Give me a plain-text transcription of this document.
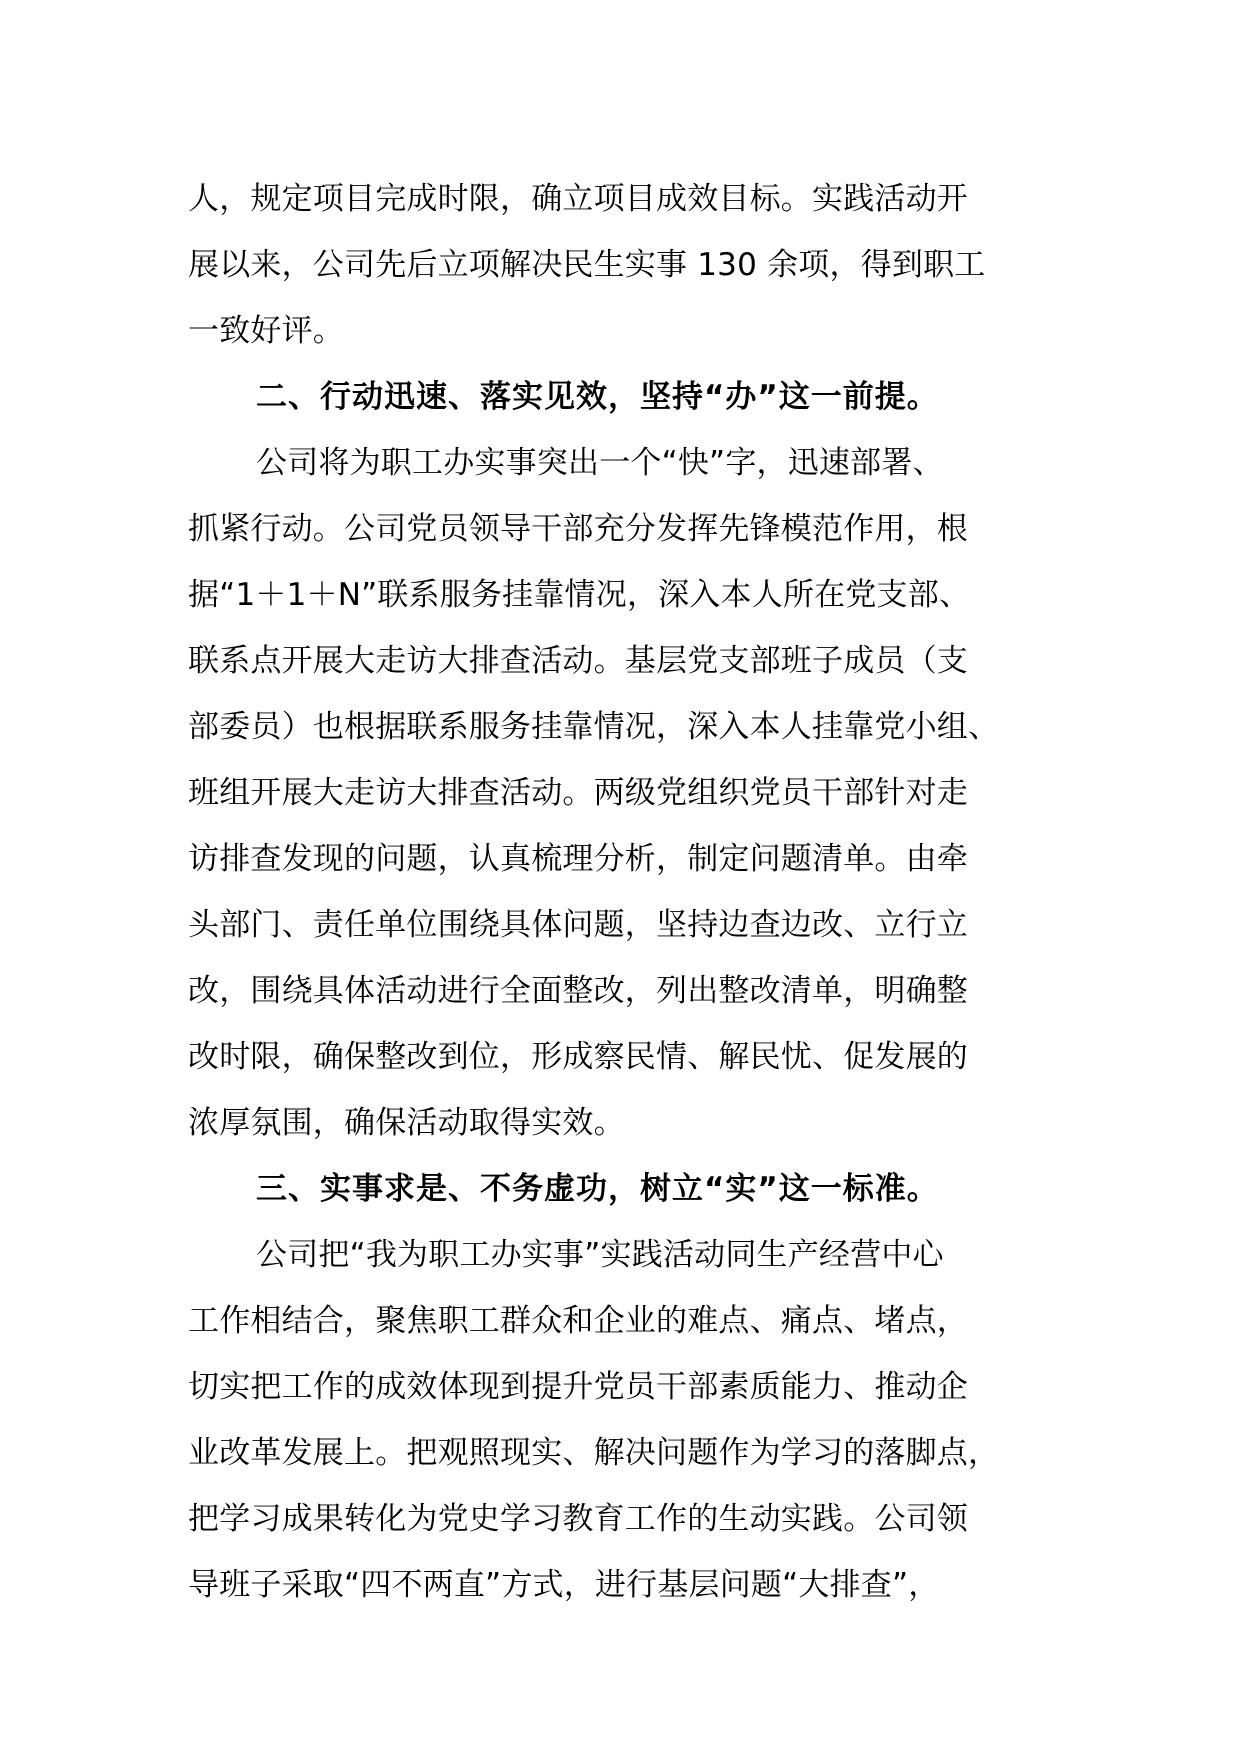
人，规定项目完成时限，确立项目成效目标。实践活动开
展以来，公司先后立项解决民生实事 130 余项，得到职工
一致好评。
二、行动迅速、落实见效，坚持“办”这一前提。
公司将为职工办实事突出一个“快”字，迅速部署、
抓紧行动。公司党员领导干部充分发挥先锋模范作用，根
据“1＋1＋N”联系服务挂靠情况，深入本人所在党支部、
联系点开展大走访大排查活动。基层党支部班子成员（支
部委员）也根据联系服务挂靠情况，深入本人挂靠党小组、
班组开展大走访大排查活动。两级党组织党员干部针对走
访排查发现的问题，认真梳理分析，制定问题清单。由牵
头部门、责任单位围绕具体问题，坚持边查边改、立行立
改，围绕具体活动进行全面整改，列出整改清单，明确整
改时限，确保整改到位，形成察民情、解民忧、促发展的
浓厚氛围，确保活动取得实效。
三、实事求是、不务虚功，树立“实”这一标准。
公司把“我为职工办实事”实践活动同生产经营中心
工作相结合，聚焦职工群众和企业的难点、痛点、堵点，
切实把工作的成效体现到提升党员干部素质能力、推动企
业改革发展上。把观照现实、解决问题作为学习的落脚点，
把学习成果转化为党史学习教育工作的生动实践。公司领
导班子采取“四不两直”方式，进行基层问题“大排查”，
